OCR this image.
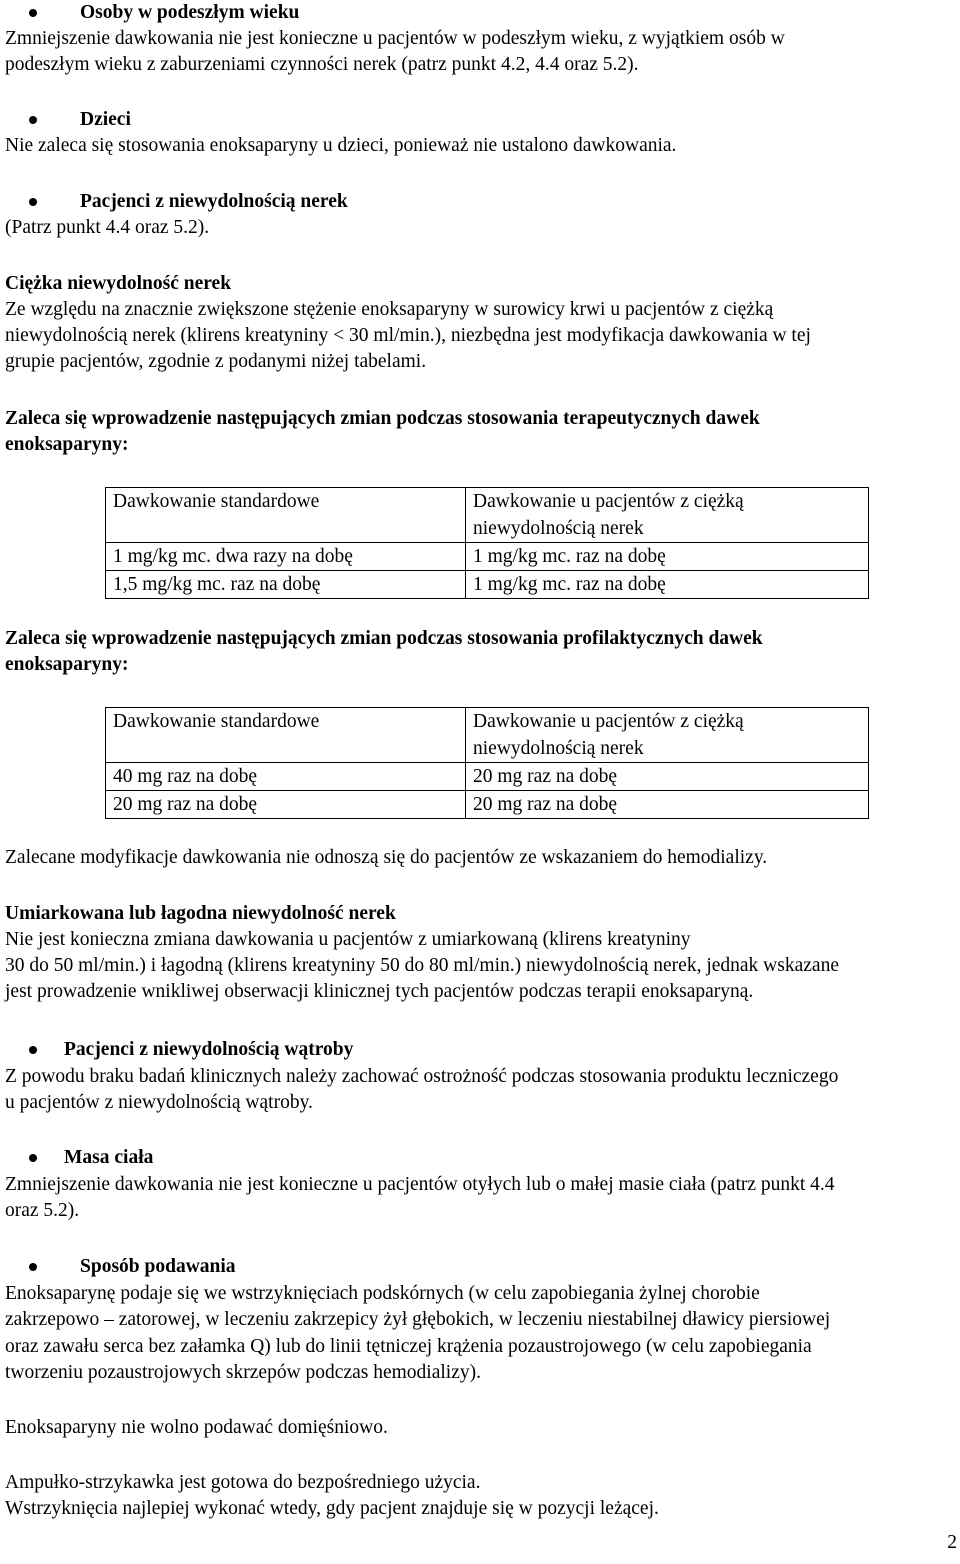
Osoby w podeszłym wieku

Zmniejszenie dawkowania nie jest konieczne u pacjentów w podeszłym wieku, z wyjątkiem osób w

podeszłym wieku z zaburzeniami czynności nerek (patrz punkt 4.2, 4.4 oraz 5.2).

Dzieci

Nie zaleca się stosowania enoksaparyny u dzieci, ponieważ nie ustalono dawkowania.

Pacjenci z niewydolnością nerek

(Patrz punkt 4.4 oraz 5.2).

Ciężka niewydolność nerek

Ze względu na znacznie zwiększone stężenie enoksaparyny w surowicy krwi u pacjentów z ciężką

niewydolnością nerek (klirens kreatyniny < 30 ml/min.), niezbędna jest modyfikacja dawkowania w tej

grupie pacjentów, zgodnie z podanymi niżej tabelami.

Zaleca się wprowadzenie następujących zmian podczas stosowania terapeutycznych dawek

enoksaparyny:

Dawkowanie standardowe	Dawkowanie u pacjentów z ciężką
niewydolnością nerek
1 mg/kg mc. dwa razy na dobę	1 mg/kg mc. raz na dobę
1,5 mg/kg mc. raz na dobę	1 mg/kg mc. raz na dobę

Zaleca się wprowadzenie następujących zmian podczas stosowania profilaktycznych dawek

enoksaparyny:

Dawkowanie standardowe	Dawkowanie u pacjentów z ciężką
niewydolnością nerek
40 mg raz na dobę	20 mg raz na dobę
20 mg raz na dobę	20 mg raz na dobę

Zalecane modyfikacje dawkowania nie odnoszą się do pacjentów ze wskazaniem do hemodializy.

Umiarkowana lub łagodna niewydolność nerek

Nie jest konieczna zmiana dawkowania u pacjentów z umiarkowaną (klirens kreatyniny

30 do 50 ml/min.) i łagodną (klirens kreatyniny 50 do 80 ml/min.) niewydolnością nerek, jednak wskazane

jest prowadzenie wnikliwej obserwacji klinicznej tych pacjentów podczas terapii enoksaparyną.

Pacjenci z niewydolnością wątroby

Z powodu braku badań klinicznych należy zachować ostrożność podczas stosowania produktu leczniczego

u pacjentów z niewydolnością wątroby.

Masa ciała

Zmniejszenie dawkowania nie jest konieczne u pacjentów otyłych lub o małej masie ciała (patrz punkt 4.4

oraz 5.2).

Sposób podawania

Enoksaparynę podaje się we wstrzyknięciach podskórnych (w celu zapobiegania żylnej chorobie

zakrzepowo – zatorowej, w leczeniu zakrzepicy żył głębokich, w leczeniu niestabilnej dławicy piersiowej

oraz zawału serca bez załamka Q) lub do linii tętniczej krążenia pozaustrojowego (w celu zapobiegania

tworzeniu pozaustrojowych skrzepów podczas hemodializy).

Enoksaparyny nie wolno podawać domięśniowo.

Ampułko-strzykawka jest gotowa do bezpośredniego użycia.

Wstrzyknięcia najlepiej wykonać wtedy, gdy pacjent znajduje się w pozycji leżącej.

2
